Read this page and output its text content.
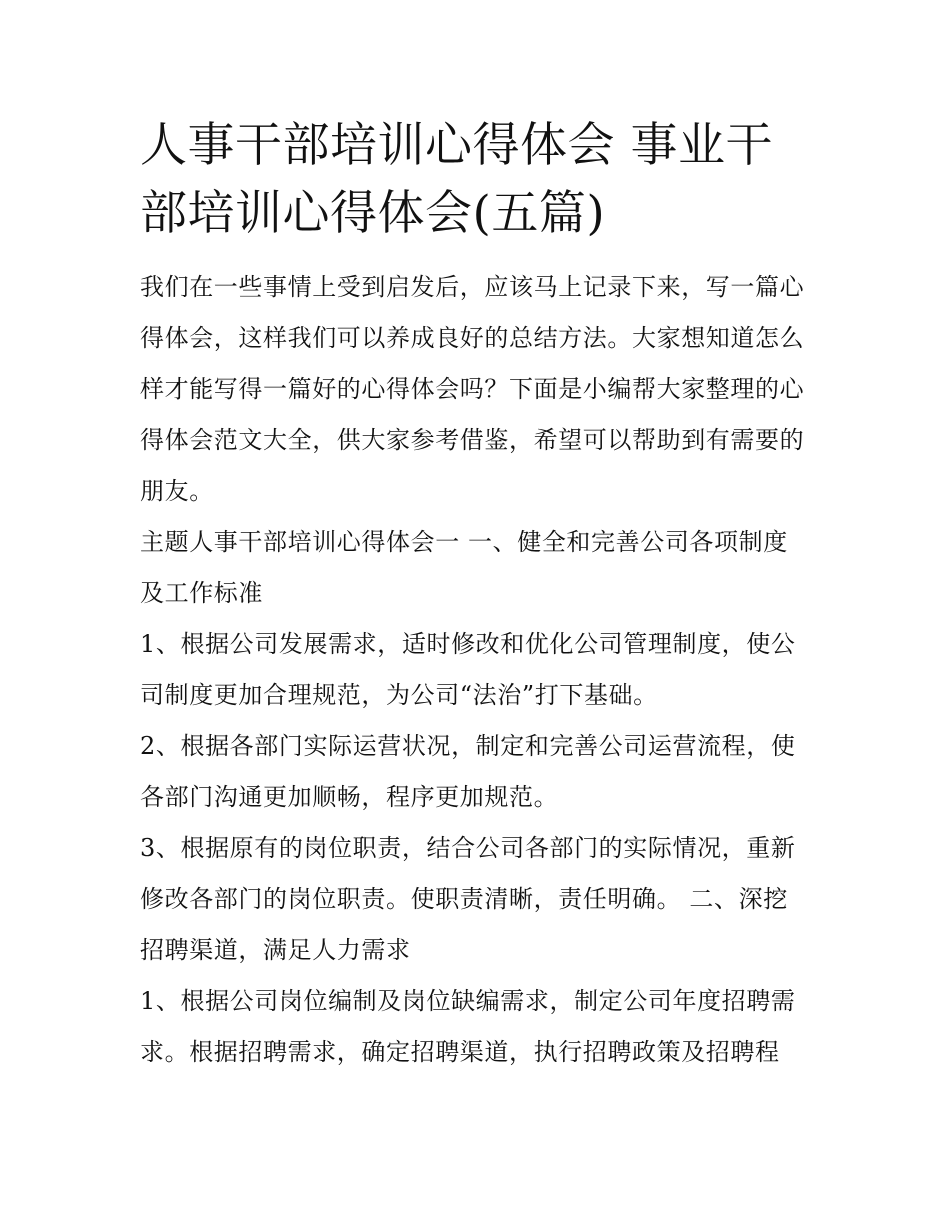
人事干部培训心得体会 事业干部培训心得体会(五篇)

我们在一些事情上受到启发后，应该马上记录下来，写一篇心得体会，这样我们可以养成良好的总结方法。大家想知道怎么样才能写得一篇好的心得体会吗？下面是小编帮大家整理的心得体会范文大全，供大家参考借鉴，希望可以帮助到有需要的朋友。

主题人事干部培训心得体会一 一、健全和完善公司各项制度及工作标准

1、根据公司发展需求，适时修改和优化公司管理制度，使公司制度更加合理规范，为公司“法治”打下基础。

2、根据各部门实际运营状况，制定和完善公司运营流程，使各部门沟通更加顺畅，程序更加规范。

3、根据原有的岗位职责，结合公司各部门的实际情况，重新修改各部门的岗位职责。使职责清晰，责任明确。 二、深挖招聘渠道，满足人力需求

1、根据公司岗位编制及岗位缺编需求，制定公司年度招聘需求。根据招聘需求，确定招聘渠道，执行招聘政策及招聘程
